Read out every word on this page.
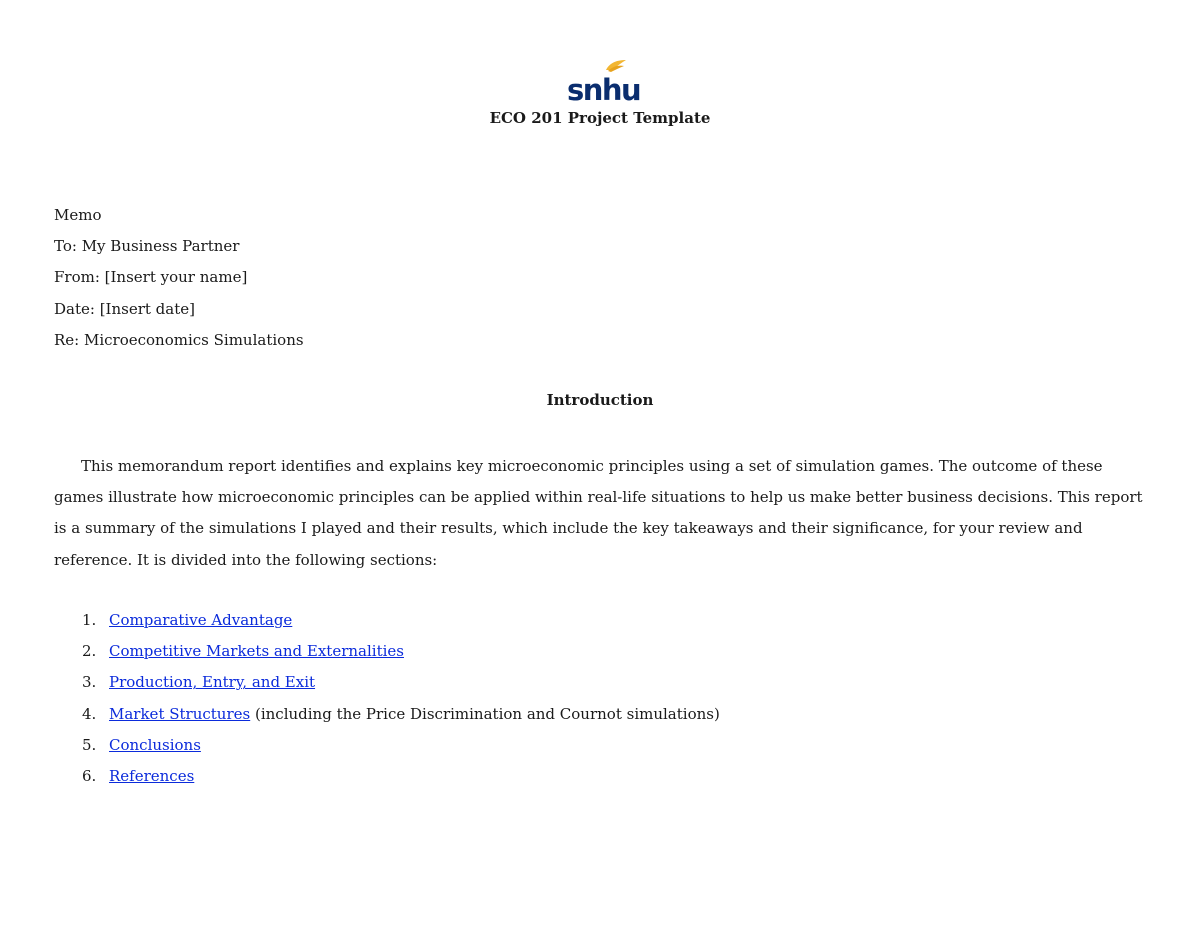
snhu
ECO 201 Project Template
Memo
To: My Business Partner
From: [Insert your name]
Date: [Insert date]
Re: Microeconomics Simulations
Introduction

This memorandum report identifies and explains key microeconomic principles using a set of simulation games. The outcome of these games illustrate how microeconomic principles can be applied within real-life situations to help us make better business decisions. This report is a summary of the simulations I played and their results, which include the key takeaways and their significance, for your review and reference. It is divided into the following sections:

1. Comparative Advantage
2. Competitive Markets and Externalities
3. Production, Entry, and Exit
4. Market Structures (including the Price Discrimination and Cournot simulations)
5. Conclusions
6. References
